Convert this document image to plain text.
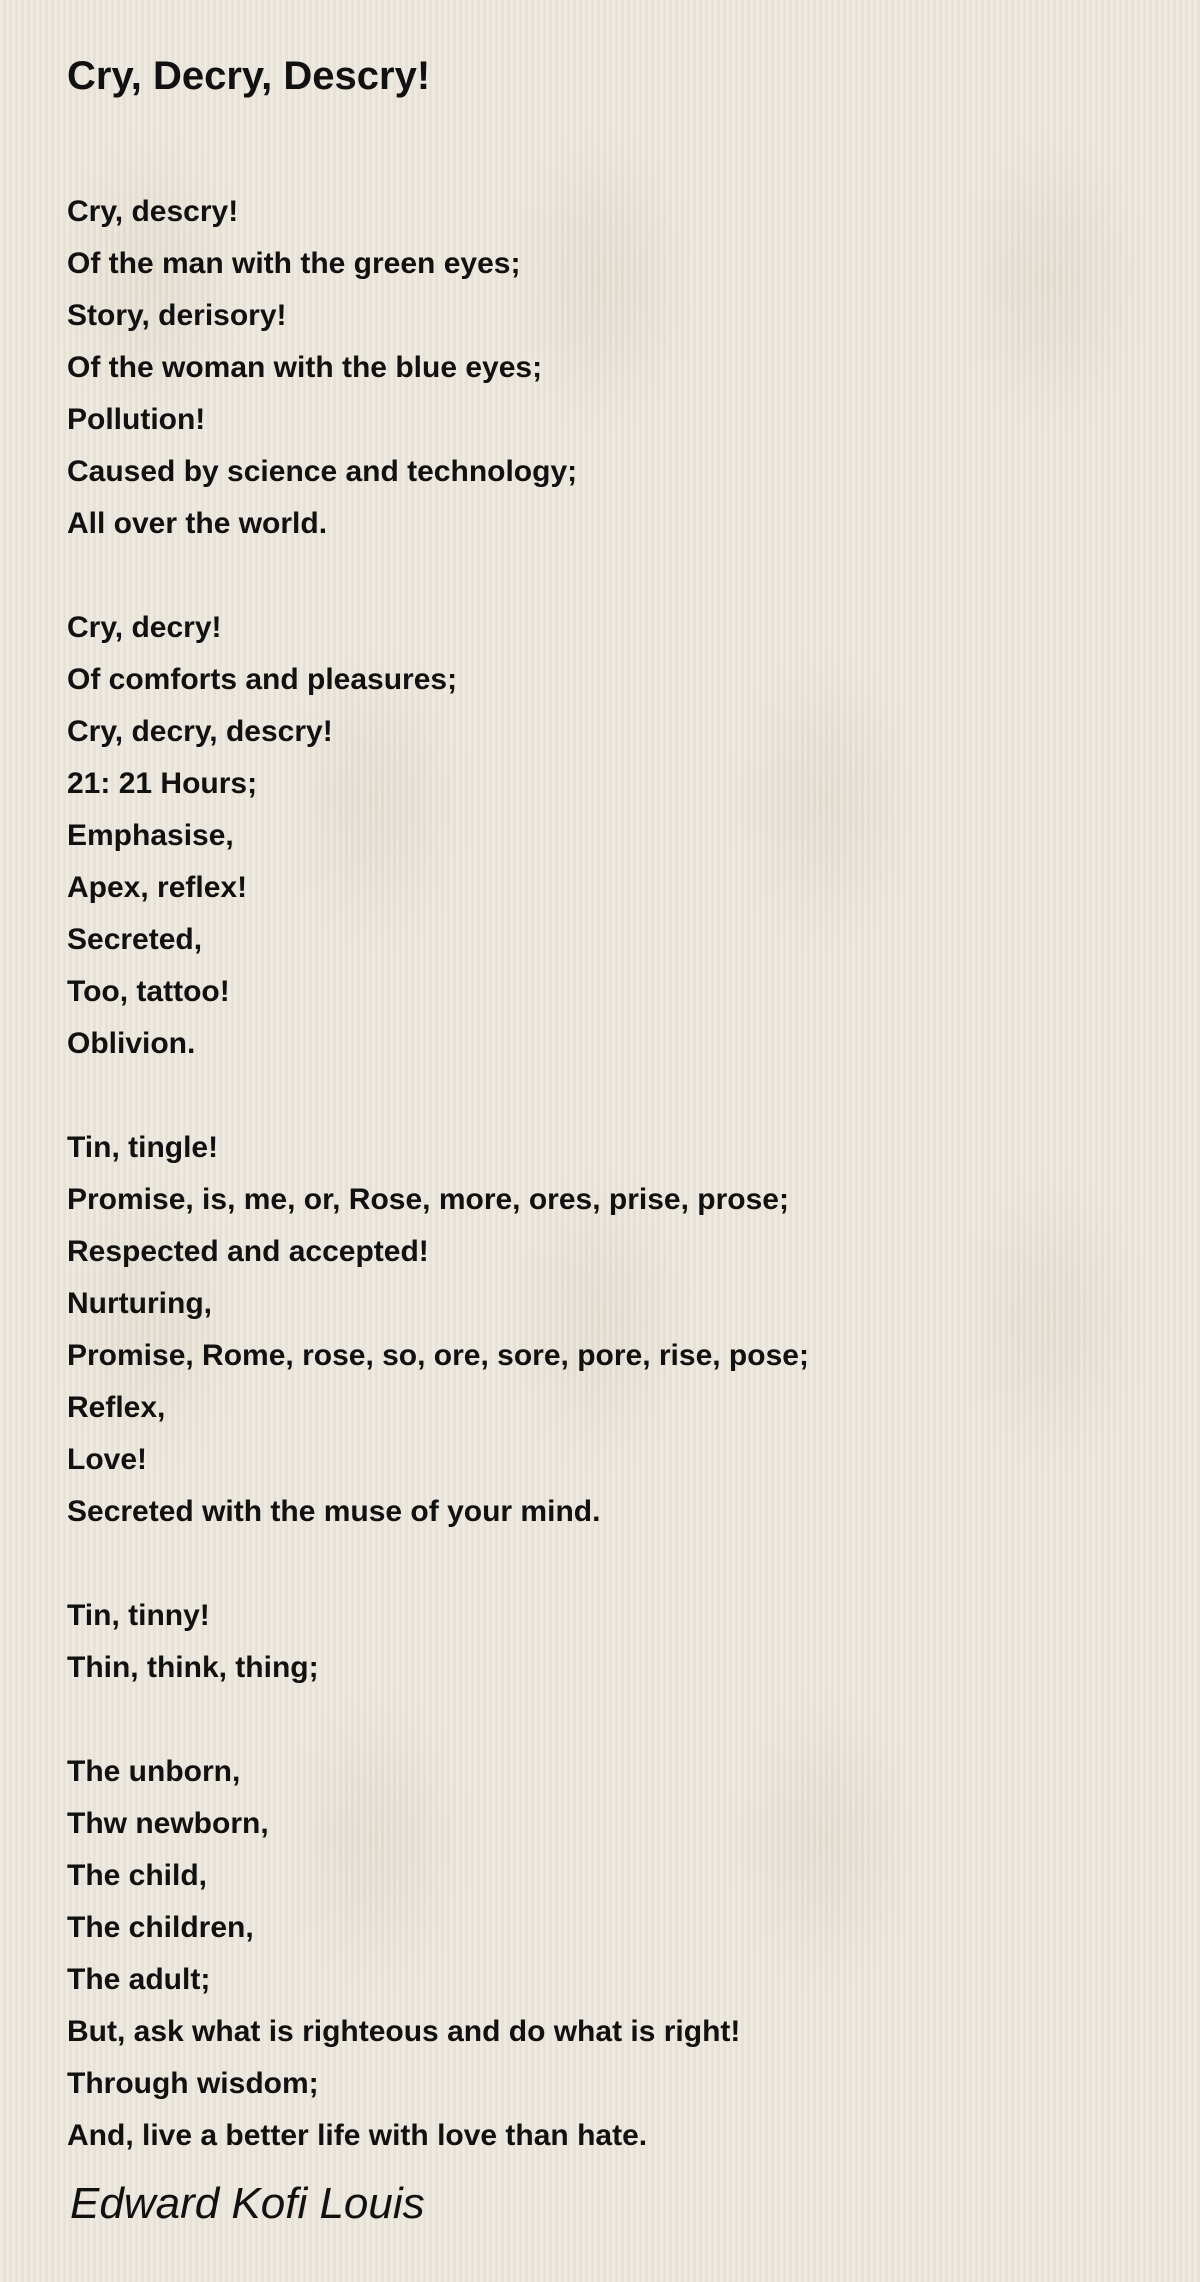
Cry, Decry, Descry!
Cry, descry!
Of the man with the green eyes;
Story, derisory!
Of the woman with the blue eyes;
Pollution!
Caused by science and technology;
All over the world.
Cry, decry!
Of comforts and pleasures;
Cry, decry, descry!
21: 21 Hours;
Emphasise,
Apex, reflex!
Secreted,
Too, tattoo!
Oblivion.
Tin, tingle!
Promise, is, me, or, Rose, more, ores, prise, prose;
Respected and accepted!
Nurturing,
Promise, Rome, rose, so, ore, sore, pore, rise, pose;
Reflex,
Love!
Secreted with the muse of your mind.
Tin, tinny!
Thin, think, thing;
The unborn,
Thw newborn,
The child,
The children,
The adult;
But, ask what is righteous and do what is right!
Through wisdom;
And, live a better life with love than hate.
Edward Kofi Louis
